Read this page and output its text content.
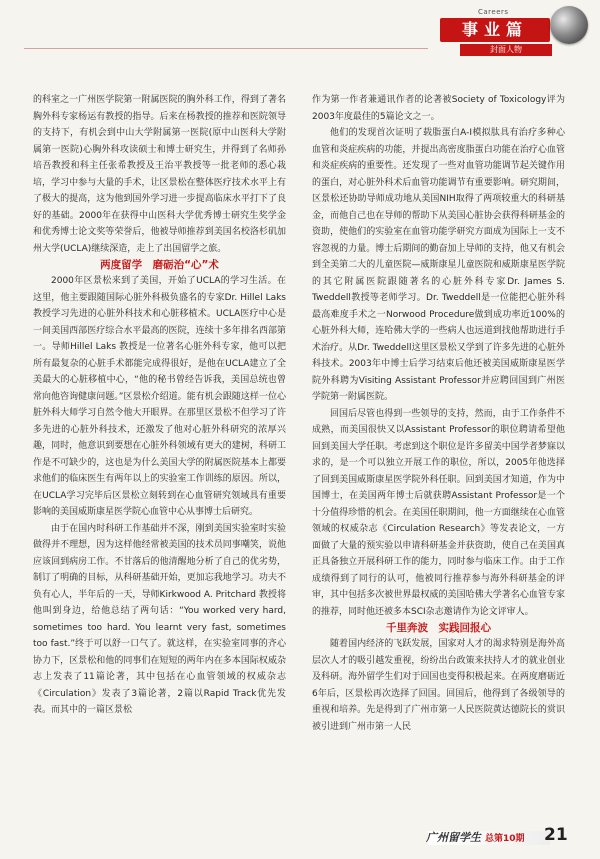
Careers
事业篇
封面人物

的科室之一广州医学院第一附属医院的胸外科工作，得到了著名胸外科专家杨运有教授的指导。后来在杨教授的推荐和医院领导的支持下，有机会到中山大学附属第一医院(原中山医科大学附属第一医院)心胸外科攻读硕士和博士研究生，并得到了名师孙培吾教授和科主任张希教授及王治平教授等一批老师的悉心栽培，学习中参与大量的手术，让区景松在整体医疗技术水平上有了极大的提高，这为他到国外学习进一步提高临床水平打下了良好的基础。2000年在获得中山医科大学优秀博士研究生奖学金和优秀博士论文奖等荣誉后，他被导师推荐到美国名校洛杉矶加州大学(UCLA)继续深造，走上了出国留学之旅。

两度留学　磨砺治“心”术

2000年区景松来到了美国，开始了UCLA的学习生活。在这里，他主要跟随国际心脏外科极负盛名的专家Dr. Hillel Laks 教授学习先进的心脏外科技术和心脏移植术。UCLA医疗中心是一间美国西部医疗综合水平最高的医院，连续十多年排名西部第一。导师Hillel Laks 教授是一位著名心脏外科专家，他可以把所有最复杂的心脏手术都能完成得很好，是他在UCLA建立了全美最大的心脏移植中心，“他的秘书曾经告诉我，美国总统也曾常向他咨询健康问题。”区景松介绍道。能有机会跟随这样一位心脏外科大师学习自然令他大开眼界。在那里区景松不但学习了许多先进的心脏外科技术，还激发了他对心脏外科研究的浓厚兴趣，同时，他意识到要想在心脏外科领域有更大的建树，科研工作是不可缺少的，这也是为什么美国大学的附属医院基本上都要求他们的临床医生有两年以上的实验室工作训练的原因。所以，在UCLA学习完毕后区景松立刻转到在心血管研究领域具有重要影响的美国威斯康星医学院心血管中心从事博士后研究。

由于在国内时科研工作基础并不深，刚到美国实验室时实验做得并不理想，因为这样他经常被美国的技术员同事嘲笑，说他应该回到病房工作。不甘落后的他清醒地分析了自己的优劣势，制订了明确的目标，从科研基础开始，更加忘我地学习。功夫不负有心人，半年后的一天，导师Kirkwood A. Pritchard 教授将他叫到身边，给他总结了两句话：“You worked very hard, sometimes too hard. You learnt very fast, sometimes too fast.”终于可以舒一口气了。就这样，在实验室同事的齐心协力下，区景松和他的同事们在短短的两年内在多本国际权威杂志上发表了11篇论著，其中包括在心血管领域的权威杂志《Circulation》发表了3篇论著，2篇以Rapid Track优先发表。而其中的一篇区景松

作为第一作者兼通讯作者的论著被Society of Toxicology评为2003年度最佳的5篇论文之一。

他们的发现首次证明了载脂蛋白A-I模拟肽具有治疗多种心血管和炎症疾病的功能，并提出高密度脂蛋白功能在治疗心血管和炎症疾病的重要性。还发现了一些对血管功能调节起关键作用的蛋白，对心脏外科术后血管功能调节有重要影响。研究期间，区景松还协助导师成功地从美国NIH取得了两项较重大的科研基金，而他自己也在导师的帮助下从美国心脏协会获得科研基金的资助，使他们的实验室在血管功能学研究方面成为国际上一支不容忽视的力量。博士后期间的勤奋加上导师的支持，他又有机会到全美第二大的儿童医院—威斯康星儿童医院和威斯康星医学院的其它附属医院跟随著名的心脏外科专家Dr. James S. Tweddell教授等老师学习。Dr. Tweddell是一位能把心脏外科最高难度手术之一Norwood Procedure做到成功率近100%的心脏外科大师，连哈佛大学的一些病人也远道到找他帮助进行手术治疗。从Dr. Tweddell这里区景松又学到了许多先进的心脏外科技术。2003年中博士后学习结束后他还被美国威斯康星医学院外科聘为Visiting Assistant Professor并应聘回国到广州医学院第一附属医院。

回国后尽管也得到一些领导的支持，然而，由于工作条件不成熟，而美国很快又以Assistant Professor的职位聘请希望他回到美国大学任职。考虑到这个职位是许多留美中国学者梦寐以求的，是一个可以独立开展工作的职位，所以，2005年他选择了回到美国威斯康星医学院外科任职。回到美国才知道，作为中国博士，在美国两年博士后就获聘Assistant Professor是一个十分值得珍惜的机会。在美国任职期间，他一方面继续在心血管领域的权威杂志《Circulation Research》等发表论文，一方面做了大量的预实验以申请科研基金并获资助，使自己在美国真正具备独立开展科研工作的能力，同时参与临床工作。由于工作成绩得到了同行的认可，他被同行推荐参与海外科研基金的评审，其中包括多次被世界最权威的美国哈佛大学著名心血管专家的推荐，同时他还被多本SCI杂志邀请作为论文评审人。

千里奔波　实践回报心

随着国内经济的飞跃发展，国家对人才的渴求特别是海外高层次人才的吸引越发重视，纷纷出台政策来扶持人才的就业创业及科研。海外留学生们对于回国也变得积极起来。在两度磨砺近6年后，区景松再次选择了回国。回国后，他得到了各级领导的重视和培养。先是得到了广州市第一人民医院黄达德院长的赏识被引进到广州市第一人民

广州留学生 总第10期 21
